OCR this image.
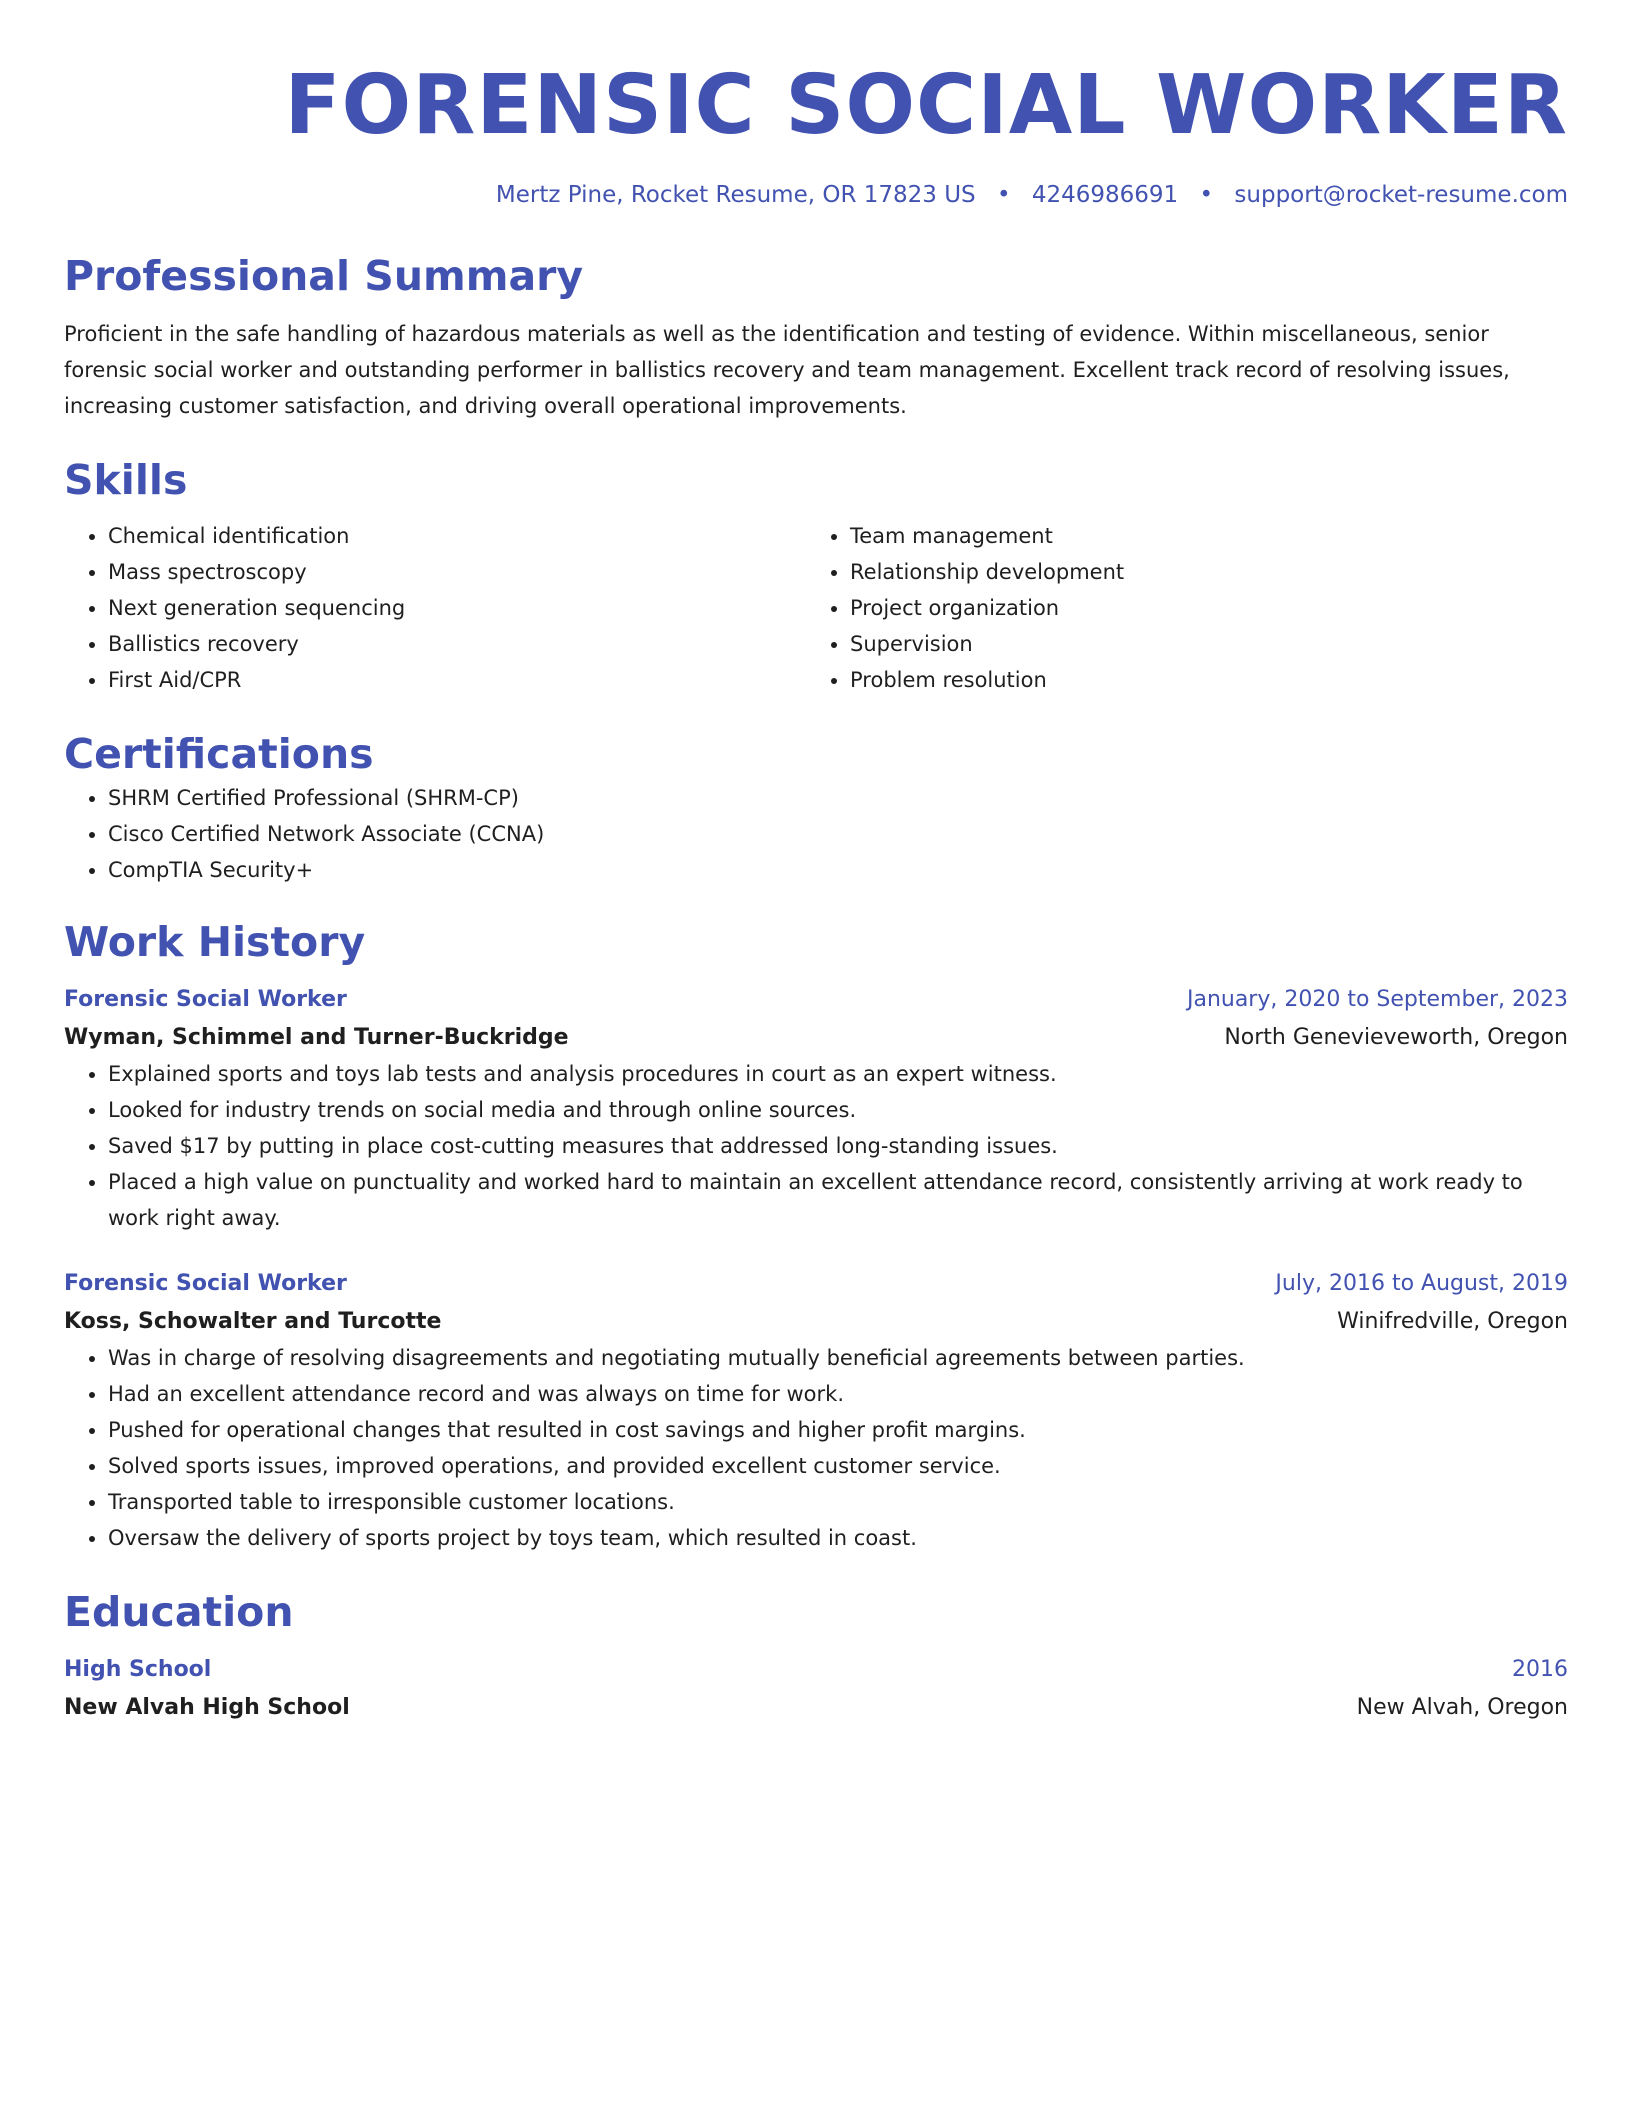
FORENSIC SOCIAL WORKER
Mertz Pine, Rocket Resume, OR 17823 US • 4246986691 • support@rocket-resume.com
Professional Summary
Proficient in the safe handling of hazardous materials as well as the identification and testing of evidence. Within miscellaneous, senior forensic social worker and outstanding performer in ballistics recovery and team management. Excellent track record of resolving issues, increasing customer satisfaction, and driving overall operational improvements.
Skills
• Chemical identification
• Mass spectroscopy
• Next generation sequencing
• Ballistics recovery
• First Aid/CPR
• Team management
• Relationship development
• Project organization
• Supervision
• Problem resolution
Certifications
• SHRM Certified Professional (SHRM-CP)
• Cisco Certified Network Associate (CCNA)
• CompTIA Security+
Work History
Forensic Social Worker	January, 2020 to September, 2023
Wyman, Schimmel and Turner-Buckridge	North Genevieveworth, Oregon
• Explained sports and toys lab tests and analysis procedures in court as an expert witness.
• Looked for industry trends on social media and through online sources.
• Saved $17 by putting in place cost-cutting measures that addressed long-standing issues.
• Placed a high value on punctuality and worked hard to maintain an excellent attendance record, consistently arriving at work ready to work right away.
Forensic Social Worker	July, 2016 to August, 2019
Koss, Schowalter and Turcotte	Winifredville, Oregon
• Was in charge of resolving disagreements and negotiating mutually beneficial agreements between parties.
• Had an excellent attendance record and was always on time for work.
• Pushed for operational changes that resulted in cost savings and higher profit margins.
• Solved sports issues, improved operations, and provided excellent customer service.
• Transported table to irresponsible customer locations.
• Oversaw the delivery of sports project by toys team, which resulted in coast.
Education
High School	2016
New Alvah High School	New Alvah, Oregon
